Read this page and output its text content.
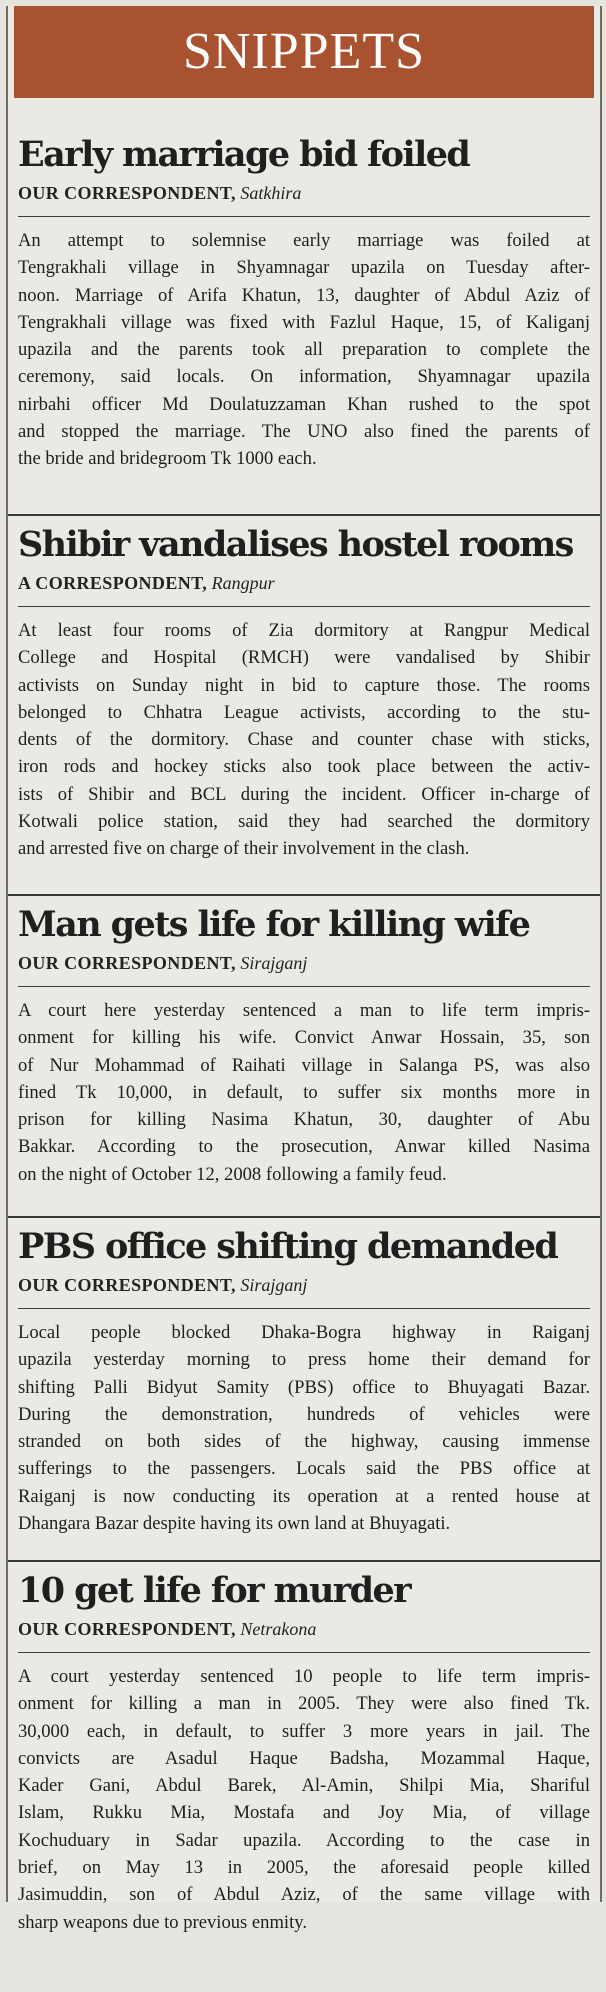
SNIPPETS
Early marriage bid foiled

OUR CORRESPONDENT, Satkhira

An attempt to solemnise early marriage was foiled at
Tengrakhali village in Shyamnagar upazila on Tuesday after-
noon. Marriage of Arifa Khatun, 13, daughter of Abdul Aziz of
Tengrakhali village was fixed with Fazlul Haque, 15, of Kaliganj
upazila and the parents took all preparation to complete the
ceremony, said locals. On information, Shyamnagar upazila
nirbahi officer Md Doulatuzzaman Khan rushed to the spot
and stopped the marriage. The UNO also fined the parents of
the bride and bridegroom Tk 1000 each.
Shibir vandalises hostel rooms

A CORRESPONDENT, Rangpur

At least four rooms of Zia dormitory at Rangpur Medical
College and Hospital (RMCH) were vandalised by Shibir
activists on Sunday night in bid to capture those. The rooms
belonged to Chhatra League activists, according to the stu-
dents of the dormitory. Chase and counter chase with sticks,
iron rods and hockey sticks also took place between the activ-
ists of Shibir and BCL during the incident. Officer in-charge of
Kotwali police station, said they had searched the dormitory
and arrested five on charge of their involvement in the clash.
Man gets life for killing wife

OUR CORRESPONDENT, Sirajganj

A court here yesterday sentenced a man to life term impris-
onment for killing his wife. Convict Anwar Hossain, 35, son
of Nur Mohammad of Raihati village in Salanga PS, was also
fined Tk 10,000, in default, to suffer six months more in
prison for killing Nasima Khatun, 30, daughter of Abu
Bakkar. According to the prosecution, Anwar killed Nasima
on the night of October 12, 2008 following a family feud.
PBS office shifting demanded

OUR CORRESPONDENT, Sirajganj

Local people blocked Dhaka-Bogra highway in Raiganj
upazila yesterday morning to press home their demand for
shifting Palli Bidyut Samity (PBS) office to Bhuyagati Bazar.
During the demonstration, hundreds of vehicles were
stranded on both sides of the highway, causing immense
sufferings to the passengers. Locals said the PBS office at
Raiganj is now conducting its operation at a rented house at
Dhangara Bazar despite having its own land at Bhuyagati.
10 get life for murder

OUR CORRESPONDENT, Netrakona

A court yesterday sentenced 10 people to life term impris-
onment for killing a man in 2005. They were also fined Tk.
30,000 each, in default, to suffer 3 more years in jail. The
convicts are Asadul Haque Badsha, Mozammal Haque,
Kader Gani, Abdul Barek, Al-Amin, Shilpi Mia, Shariful
Islam, Rukku Mia, Mostafa and Joy Mia, of village
Kochuduary in Sadar upazila. According to the case in
brief, on May 13 in 2005, the aforesaid people killed
Jasimuddin, son of Abdul Aziz, of the same village with
sharp weapons due to previous enmity.
